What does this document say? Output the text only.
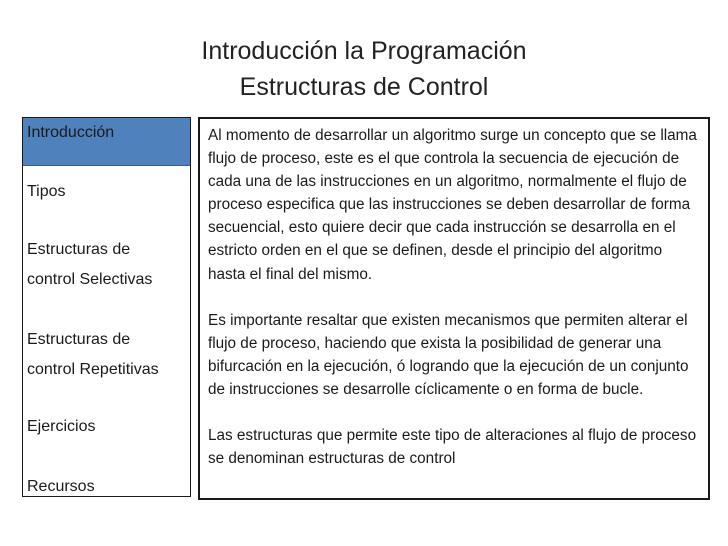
Introducción la Programación
Estructuras de Control
Introducción
Tipos
Estructuras de
control Selectivas
Estructuras de
control Repetitivas
Ejercicios
Recursos

Al momento de desarrollar un algoritmo surge un concepto que se llama flujo de proceso, este es el que controla la secuencia de ejecución de cada una de las instrucciones en un algoritmo, normalmente el flujo de proceso especifica que las instrucciones se deben desarrollar de forma secuencial, esto quiere decir que cada instrucción se desarrolla en el estricto orden en el que se definen, desde el principio del algoritmo hasta el final del mismo.

Es importante resaltar que existen mecanismos que permiten alterar el flujo de proceso, haciendo que exista la posibilidad de generar una bifurcación en la ejecución, ó logrando que la ejecución de un conjunto de instrucciones se desarrolle cíclicamente o en forma de bucle.

Las estructuras que permite este tipo de alteraciones al flujo de proceso se denominan estructuras de control
